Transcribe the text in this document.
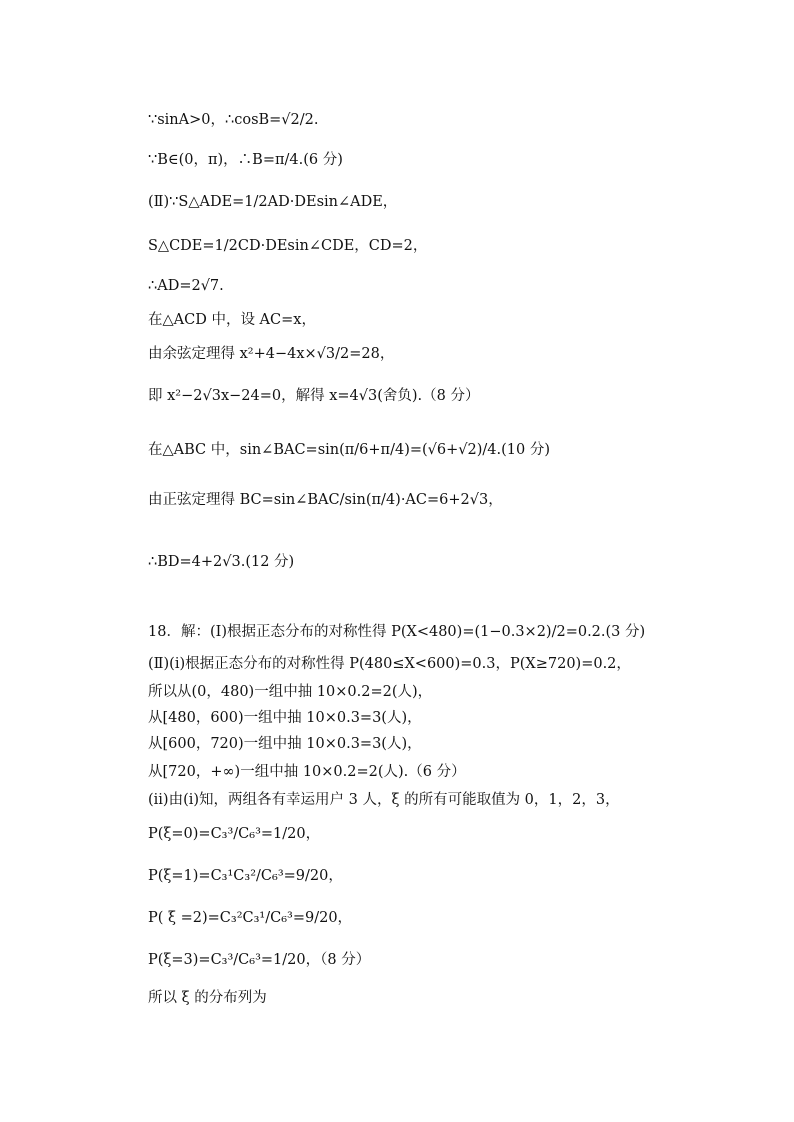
∵sinA>0，∴cosB=√2/2.
∵B∈(0，π)，∴B=π/4.(6 分)
(Ⅱ)∵S△ADE=1/2AD·DEsin∠ADE，
S△CDE=1/2CD·DEsin∠CDE，CD=2，
∴AD=2√7.
在△ACD 中，设 AC=x，
由余弦定理得 x²+4−4x×√3/2=28，
即 x²−2√3x−24=0，解得 x=4√3(舍负).（8 分）
在△ABC 中，sin∠BAC=sin(π/6+π/4)=(√6+√2)/4.(10 分)
由正弦定理得 BC=sin∠BAC/sin(π/4)·AC=6+2√3，
∴BD=4+2√3.(12 分)
18．解：(Ⅰ)根据正态分布的对称性得 P(X<480)=(1−0.3×2)/2=0.2.(3 分)
(Ⅱ)(ⅰ)根据正态分布的对称性得 P(480≤X<600)=0.3，P(X≥720)=0.2，
所以从(0，480)一组中抽 10×0.2=2(人)，
从[480，600)一组中抽 10×0.3=3(人)，
从[600，720)一组中抽 10×0.3=3(人)，
从[720，+∞)一组中抽 10×0.2=2(人).（6 分）
(ⅱ)由(ⅰ)知，两组各有幸运用户 3 人，ξ 的所有可能取值为 0，1，2，3，
P(ξ=0)=C₃³/C₆³=1/20，
P(ξ=1)=C₃¹C₃²/C₆³=9/20，
P( ξ =2)=C₃²C₃¹/C₆³=9/20，
P(ξ=3)=C₃³/C₆³=1/20，（8 分）
所以 ξ 的分布列为
